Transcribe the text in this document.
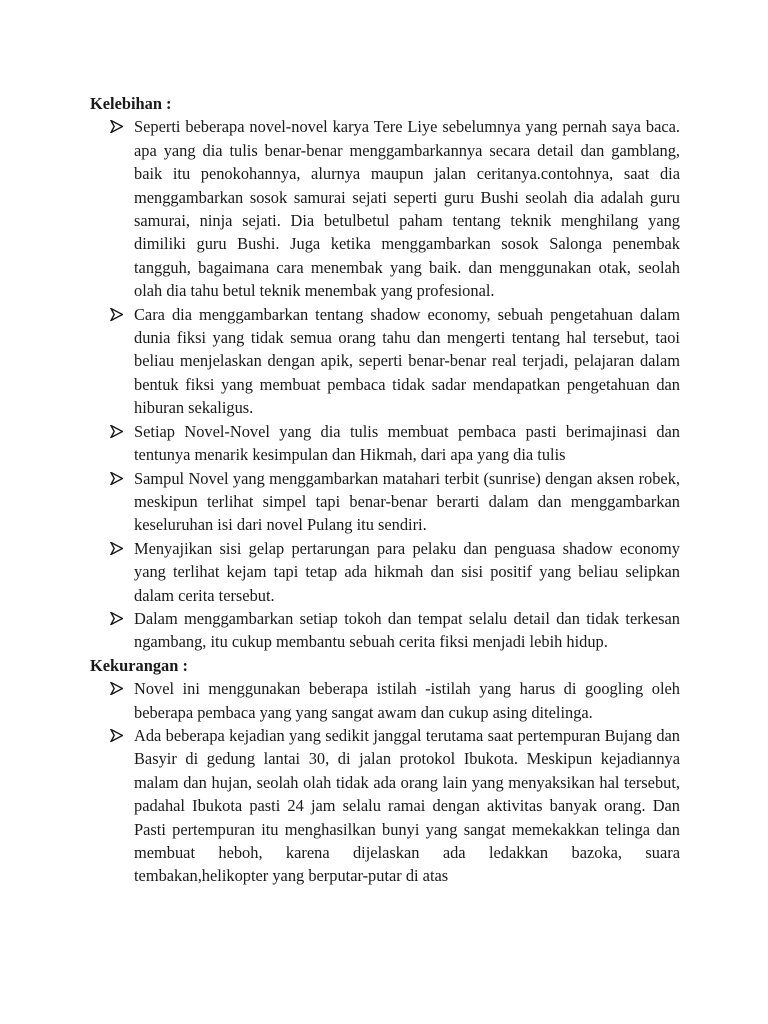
Kelebihan :

Seperti beberapa novel-novel karya Tere Liye sebelumnya yang pernah saya baca. apa yang dia tulis benar-benar menggambarkannya secara detail dan gamblang, baik itu penokohannya, alurnya maupun jalan ceritanya.contohnya, saat dia menggambarkan sosok samurai sejati seperti guru Bushi seolah dia adalah guru samurai, ninja sejati. Dia betulbetul paham tentang teknik menghilang yang dimiliki guru Bushi. Juga ketika menggambarkan sosok Salonga penembak tangguh, bagaimana cara menembak yang baik. dan menggunakan otak, seolah olah dia tahu betul teknik menembak yang profesional.
Cara dia menggambarkan tentang shadow economy, sebuah pengetahuan dalam dunia fiksi yang tidak semua orang tahu dan mengerti tentang hal tersebut, taoi beliau menjelaskan dengan apik, seperti benar-benar real terjadi, pelajaran dalam bentuk fiksi yang membuat pembaca tidak sadar mendapatkan pengetahuan dan hiburan sekaligus.
Setiap Novel-Novel yang dia tulis membuat pembaca pasti berimajinasi dan tentunya menarik kesimpulan dan Hikmah, dari apa yang dia tulis
Sampul Novel yang menggambarkan matahari terbit (sunrise) dengan aksen robek, meskipun terlihat simpel tapi benar-benar berarti dalam dan menggambarkan keseluruhan isi dari novel Pulang itu sendiri.
Menyajikan sisi gelap pertarungan para pelaku dan penguasa shadow economy yang terlihat kejam tapi tetap ada hikmah dan sisi positif yang beliau selipkan dalam cerita tersebut.
Dalam menggambarkan setiap tokoh dan tempat selalu detail dan tidak terkesan ngambang, itu cukup membantu sebuah cerita fiksi menjadi lebih hidup.

Kekurangan :

Novel ini menggunakan beberapa istilah -istilah yang harus di googling oleh beberapa pembaca yang yang sangat awam dan cukup asing ditelinga.
Ada beberapa kejadian yang sedikit janggal terutama saat pertempuran Bujang dan Basyir di gedung lantai 30, di jalan protokol Ibukota. Meskipun kejadiannya malam dan hujan, seolah olah tidak ada orang lain yang menyaksikan hal tersebut, padahal Ibukota pasti 24 jam selalu ramai dengan aktivitas banyak orang. Dan Pasti pertempuran itu menghasilkan bunyi yang sangat memekakkan telinga dan membuat heboh, karena dijelaskan ada ledakkan bazoka, suara tembakan,helikopter yang berputar-putar di atas
